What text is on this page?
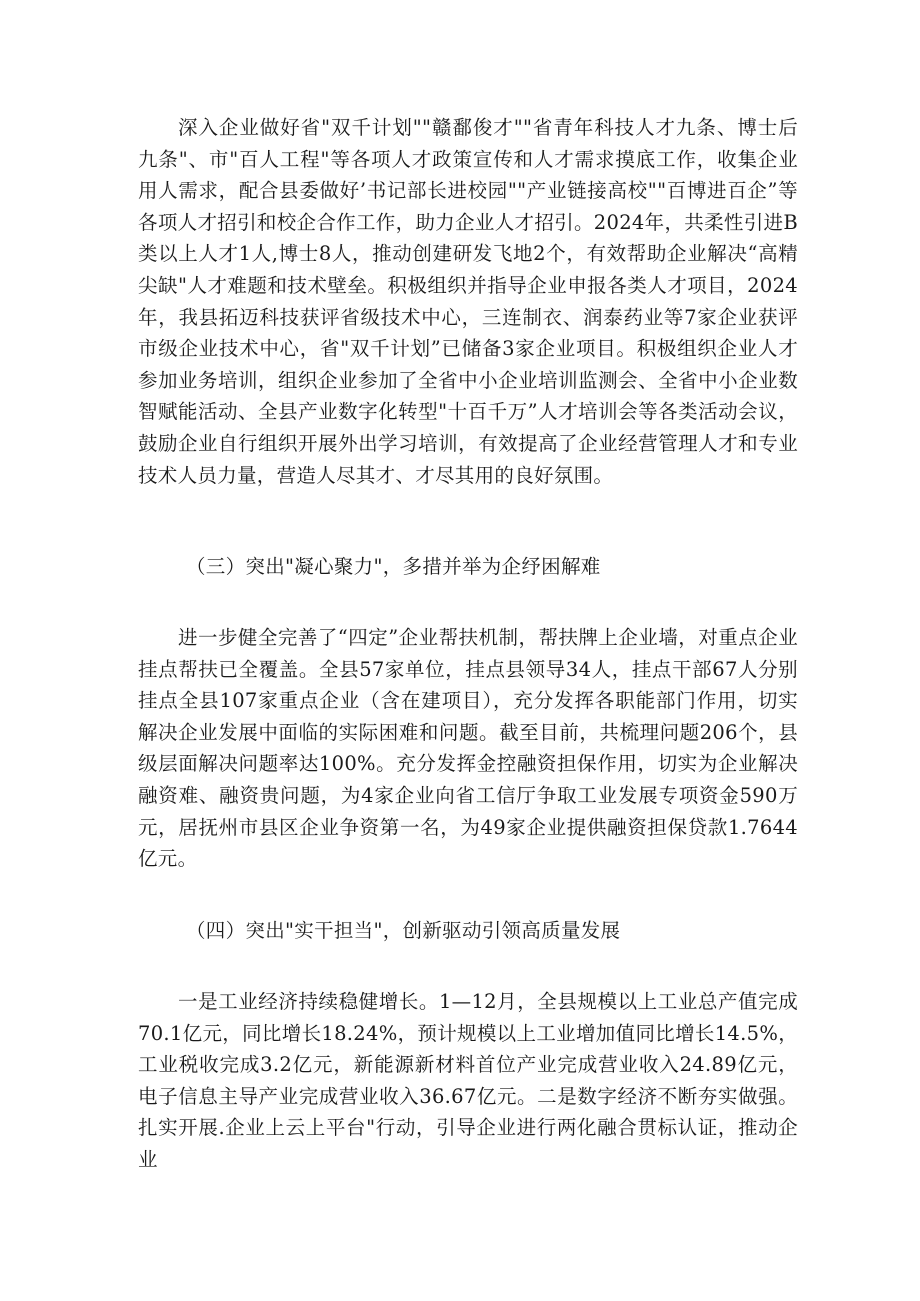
深入企业做好省"双千计划""赣鄱俊才""省青年科技人才九条、博士后九条"、市"百人工程"等各项人才政策宣传和人才需求摸底工作，收集企业用人需求，配合县委做好’书记部长进校园""产业链接高校""百博进百企”等各项人才招引和校企合作工作，助力企业人才招引。2024年，共柔性引进B类以上人才1人,博士8人，推动创建研发飞地2个，有效帮助企业解决“高精尖缺"人才难题和技术壁垒。积极组织并指导企业申报各类人才项目，2024年，我县拓迈科技获评省级技术中心，三连制衣、润泰药业等7家企业获评市级企业技术中心，省"双千计划”已储备3家企业项目。积极组织企业人才参加业务培训，组织企业参加了全省中小企业培训监测会、全省中小企业数智赋能活动、全县产业数字化转型"十百千万”人才培训会等各类活动会议，鼓励企业自行组织开展外出学习培训，有效提高了企业经营管理人才和专业技术人员力量，营造人尽其才、才尽其用的良好氛围。

（三）突出"凝心聚力"，多措并举为企纾困解难

进一步健全完善了“四定”企业帮扶机制，帮扶牌上企业墙，对重点企业挂点帮扶已全覆盖。全县57家单位，挂点县领导34人，挂点干部67人分别挂点全县107家重点企业（含在建项目），充分发挥各职能部门作用，切实解决企业发展中面临的实际困难和问题。截至目前，共梳理问题206个，县级层面解决问题率达100%。充分发挥金控融资担保作用，切实为企业解决融资难、融资贵问题，为4家企业向省工信厅争取工业发展专项资金590万元，居抚州市县区企业争资第一名，为49家企业提供融资担保贷款1.7644亿元。

（四）突出"实干担当"，创新驱动引领高质量发展

一是工业经济持续稳健增长。1—12月，全县规模以上工业总产值完成70.1亿元，同比增长18.24%，预计规模以上工业增加值同比增长14.5%，工业税收完成3.2亿元，新能源新材料首位产业完成营业收入24.89亿元，电子信息主导产业完成营业收入36.67亿元。二是数字经济不断夯实做强。扎实开展.企业上云上平台"行动，引导企业进行两化融合贯标认证，推动企业
